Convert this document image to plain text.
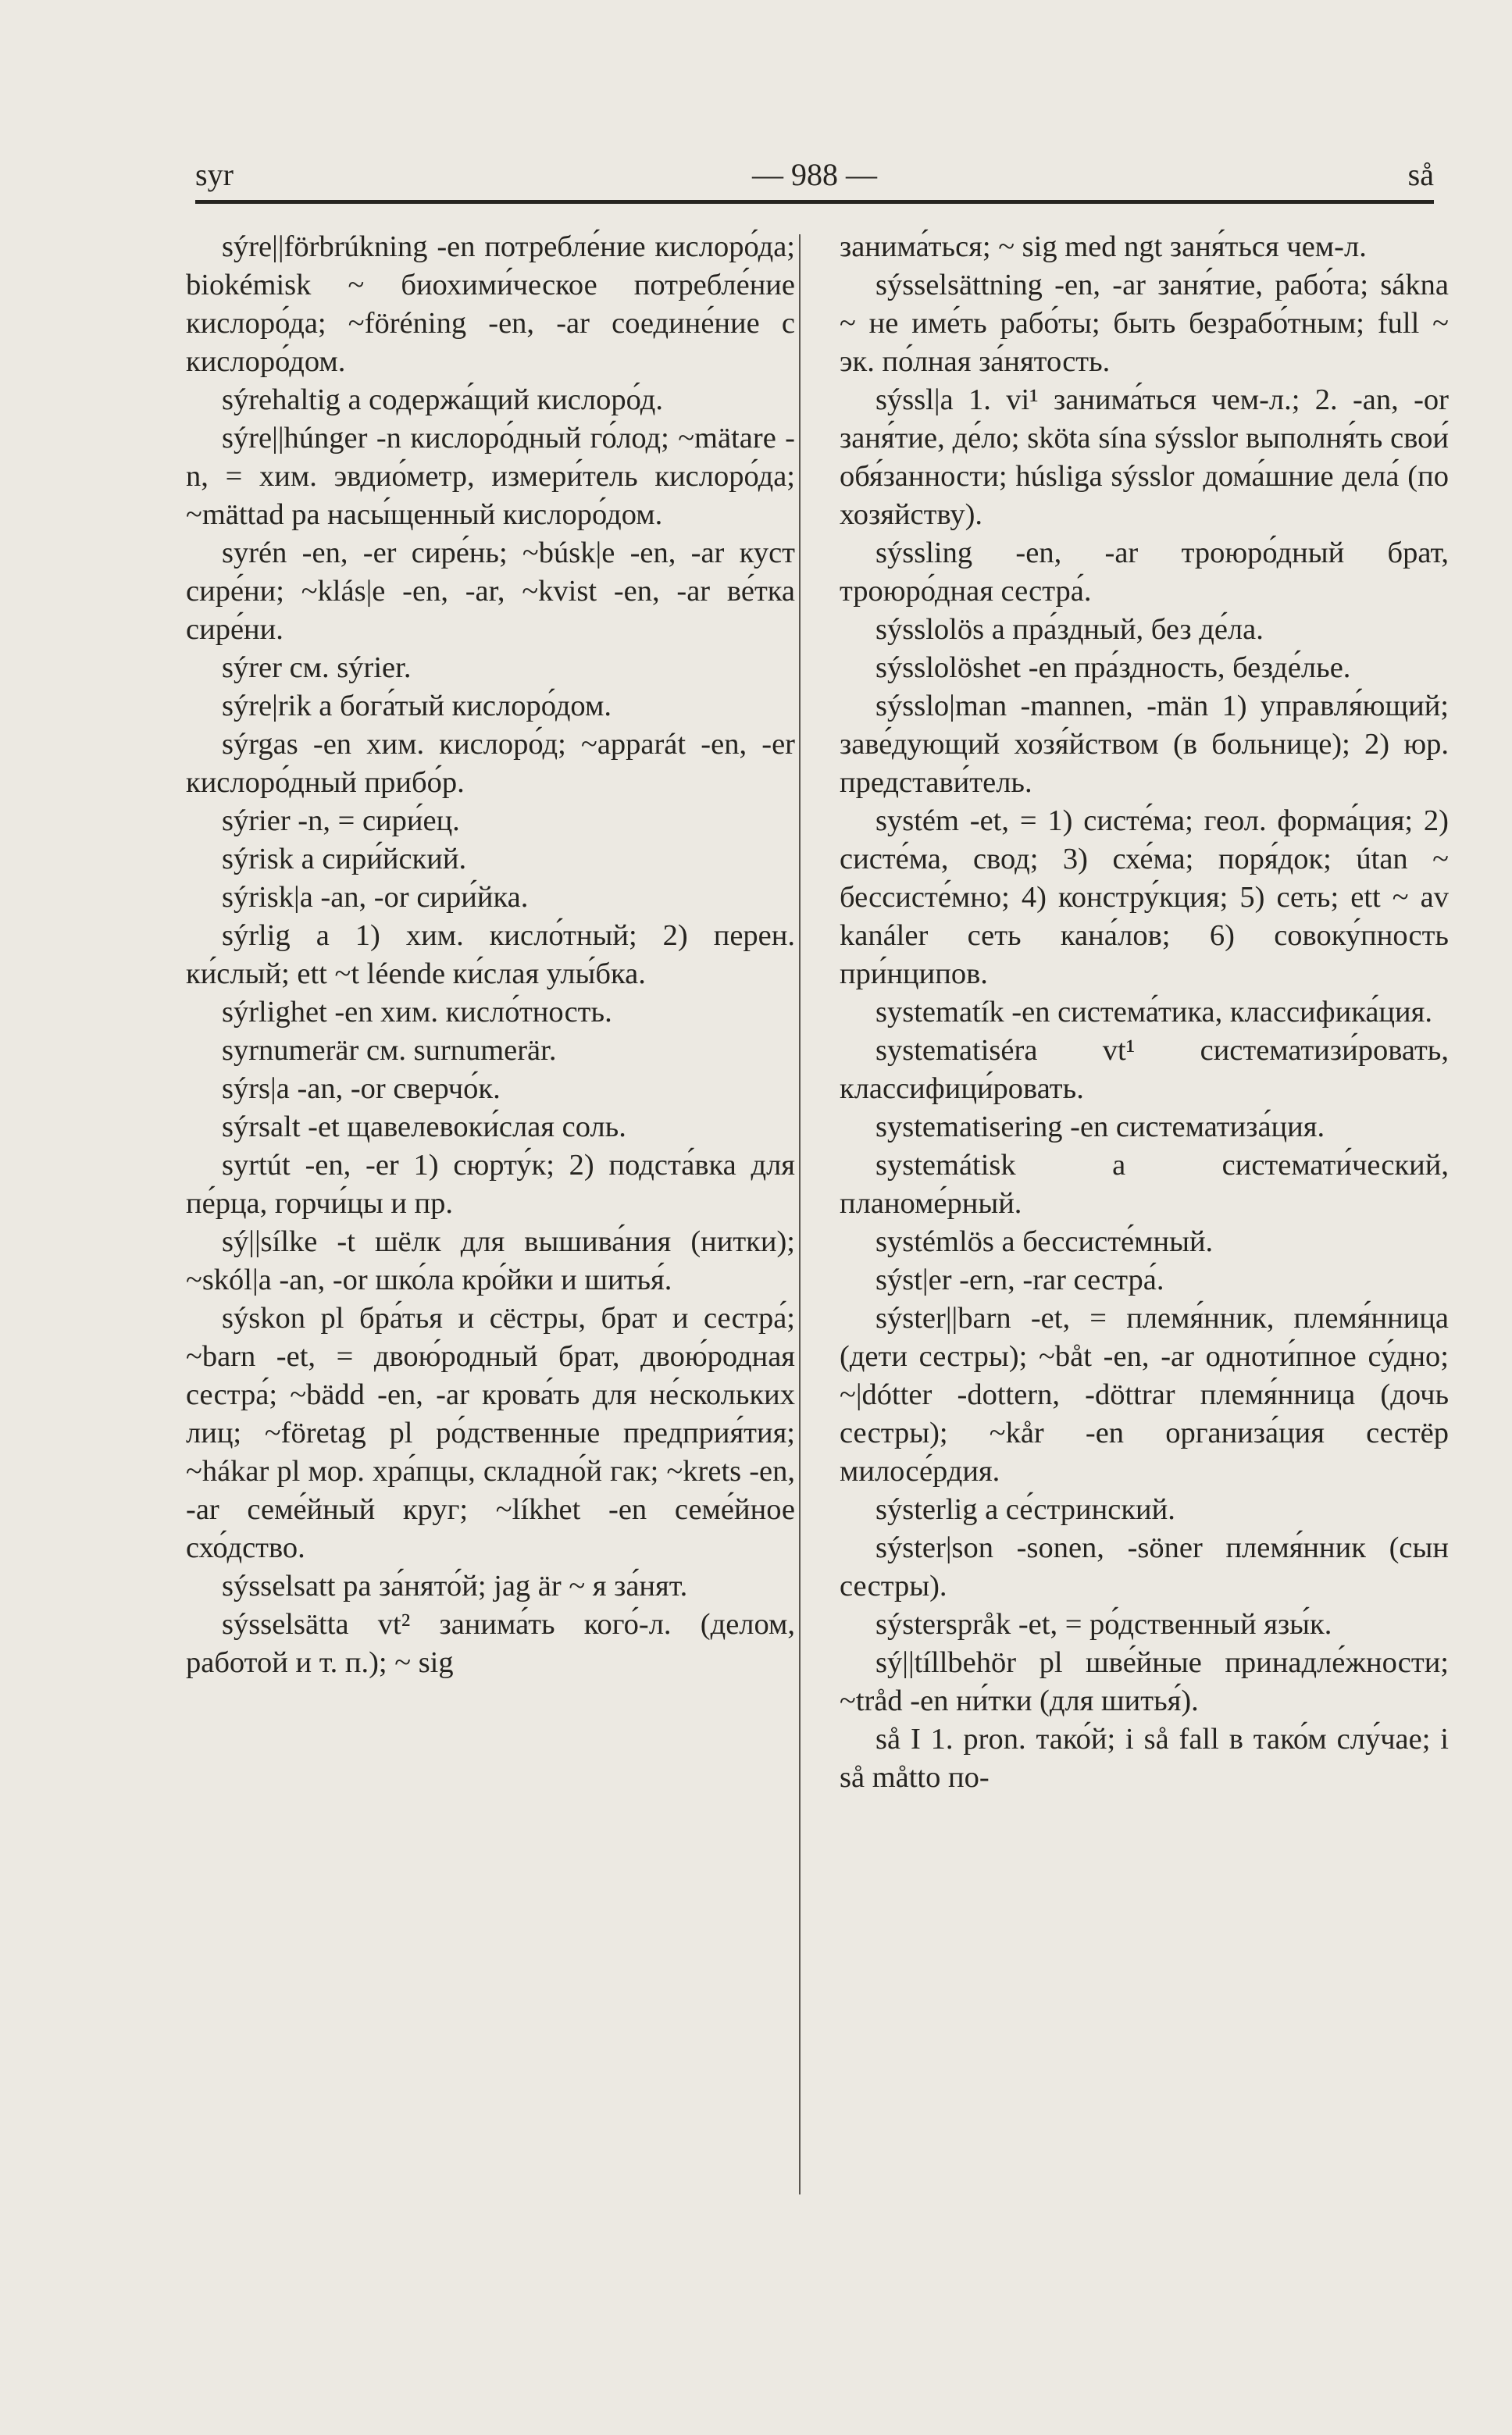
syr	— 988 —	så

sýre||förbrúkning -en потребле́ние кислоро́да; biokémisk ~ биохими́ческое потребле́ние кислоро́да; ~föréning -en, -ar соедине́ние с кислоро́дом.

sýrehaltig a содержа́щий кислоро́д.

sýre||húnger -n кислоро́дный го́лод; ~mätare -n, = хим. эвдио́метр, измери́тель кислоро́да; ~mättad pa насы́щенный кислоро́дом.

syrén -en, -er сире́нь; ~búsk|e -en, -ar куст сире́ни; ~klás|e -en, -ar, ~kvist -en, -ar ве́тка сире́ни.

sýrer см. sýrier.

sýre|rik a бога́тый кислоро́дом.

sýrgas -en хим. кислоро́д; ~apparát -en, -er кислоро́дный прибо́р.

sýrier -n, = сири́ец.

sýrisk a сири́йский.

sýrisk|a -an, -or сири́йка.

sýrlig a 1) хим. кисло́тный; 2) перен. ки́слый; ett ~t léende ки́слая улы́бка.

sýrlighet -en хим. кисло́тность.

syrnumerär см. surnumerär.

sýrs|a -an, -or сверчо́к.

sýrsalt -et щавелевоки́слая соль.

syrtút -en, -er 1) сюрту́к; 2) подста́вка для пе́рца, горчи́цы и пр.

sý||sílke -t шёлк для вышива́ния (нитки); ~skól|a -an, -or шко́ла кро́йки и шитья́.

sýskon pl бра́тья и сёстры, брат и сестра́; ~barn -et, = двою́родный брат, двою́родная сестра́; ~bädd -en, -ar крова́ть для не́скольких лиц; ~företag pl ро́дственные предприя́тия; ~hákar pl мор. хра́пцы, складно́й гак; ~krets -en, -ar семе́йный круг; ~líkhet -en семе́йное схо́дство.

sýsselsatt pa за́нято́й; jag är ~ я за́нят.

sýsselsätta vt² занима́ть кого́-л. (делом, работой и т. п.); ~ sig

занима́ться; ~ sig med ngt заня́ться чем-л.

sýsselsättning -en, -ar заня́тие, рабо́та; sákna ~ не име́ть рабо́ты; быть безрабо́тным; full ~ эк. по́лная за́нятость.

sýssl|a 1. vi¹ занима́ться чем-л.; 2. -an, -or заня́тие, де́ло; sköta sína sýsslor выполня́ть свои́ обя́занности; húsliga sýsslor дома́шние дела́ (по хозяйству).

sýssling -en, -ar троюро́дный брат, троюро́дная сестра́.

sýsslolös a пра́здный, без де́ла.

sýsslolöshet -en пра́здность, безде́лье.

sýsslo|man -mannen, -män 1) управля́ющий; заве́дующий хозя́йством (в больнице); 2) юр. представи́тель.

systém -et, = 1) систе́ма; геол. форма́ция; 2) систе́ма, свод; 3) схе́ма; поря́док; útan ~ бессисте́мно; 4) констру́кция; 5) сеть; ett ~ av kanáler сеть кана́лов; 6) совоку́пность при́нципов.

systematík -en система́тика, классифика́ция.

systematiséra vt¹ систематизи́ровать, классифици́ровать.

systematisering -en систематиза́ция.

systemátisk a системати́ческий, планоме́рный.

systémlös a бессисте́мный.

sýst|er -ern, -rar сестра́.

sýster||barn -et, = племя́нник, племя́нница (дети сестры); ~båt -en, -ar однoти́пное су́дно; ~|dótter -dottern, -döttrar племя́нница (дочь сестры); ~kår -en организа́ция сестёр милосе́рдия.

sýsterlig a се́стринский.

sýster|son -sonen, -söner племя́нник (сын сестры).

sýsterspråk -et, = ро́дственный язы́к.

sý||tíllbehör pl шве́йные принадле́жности; ~tråd -en ни́тки (для шитья́).

så I 1. pron. тако́й; i så fall в тако́м слу́чае; i så måtto по-
